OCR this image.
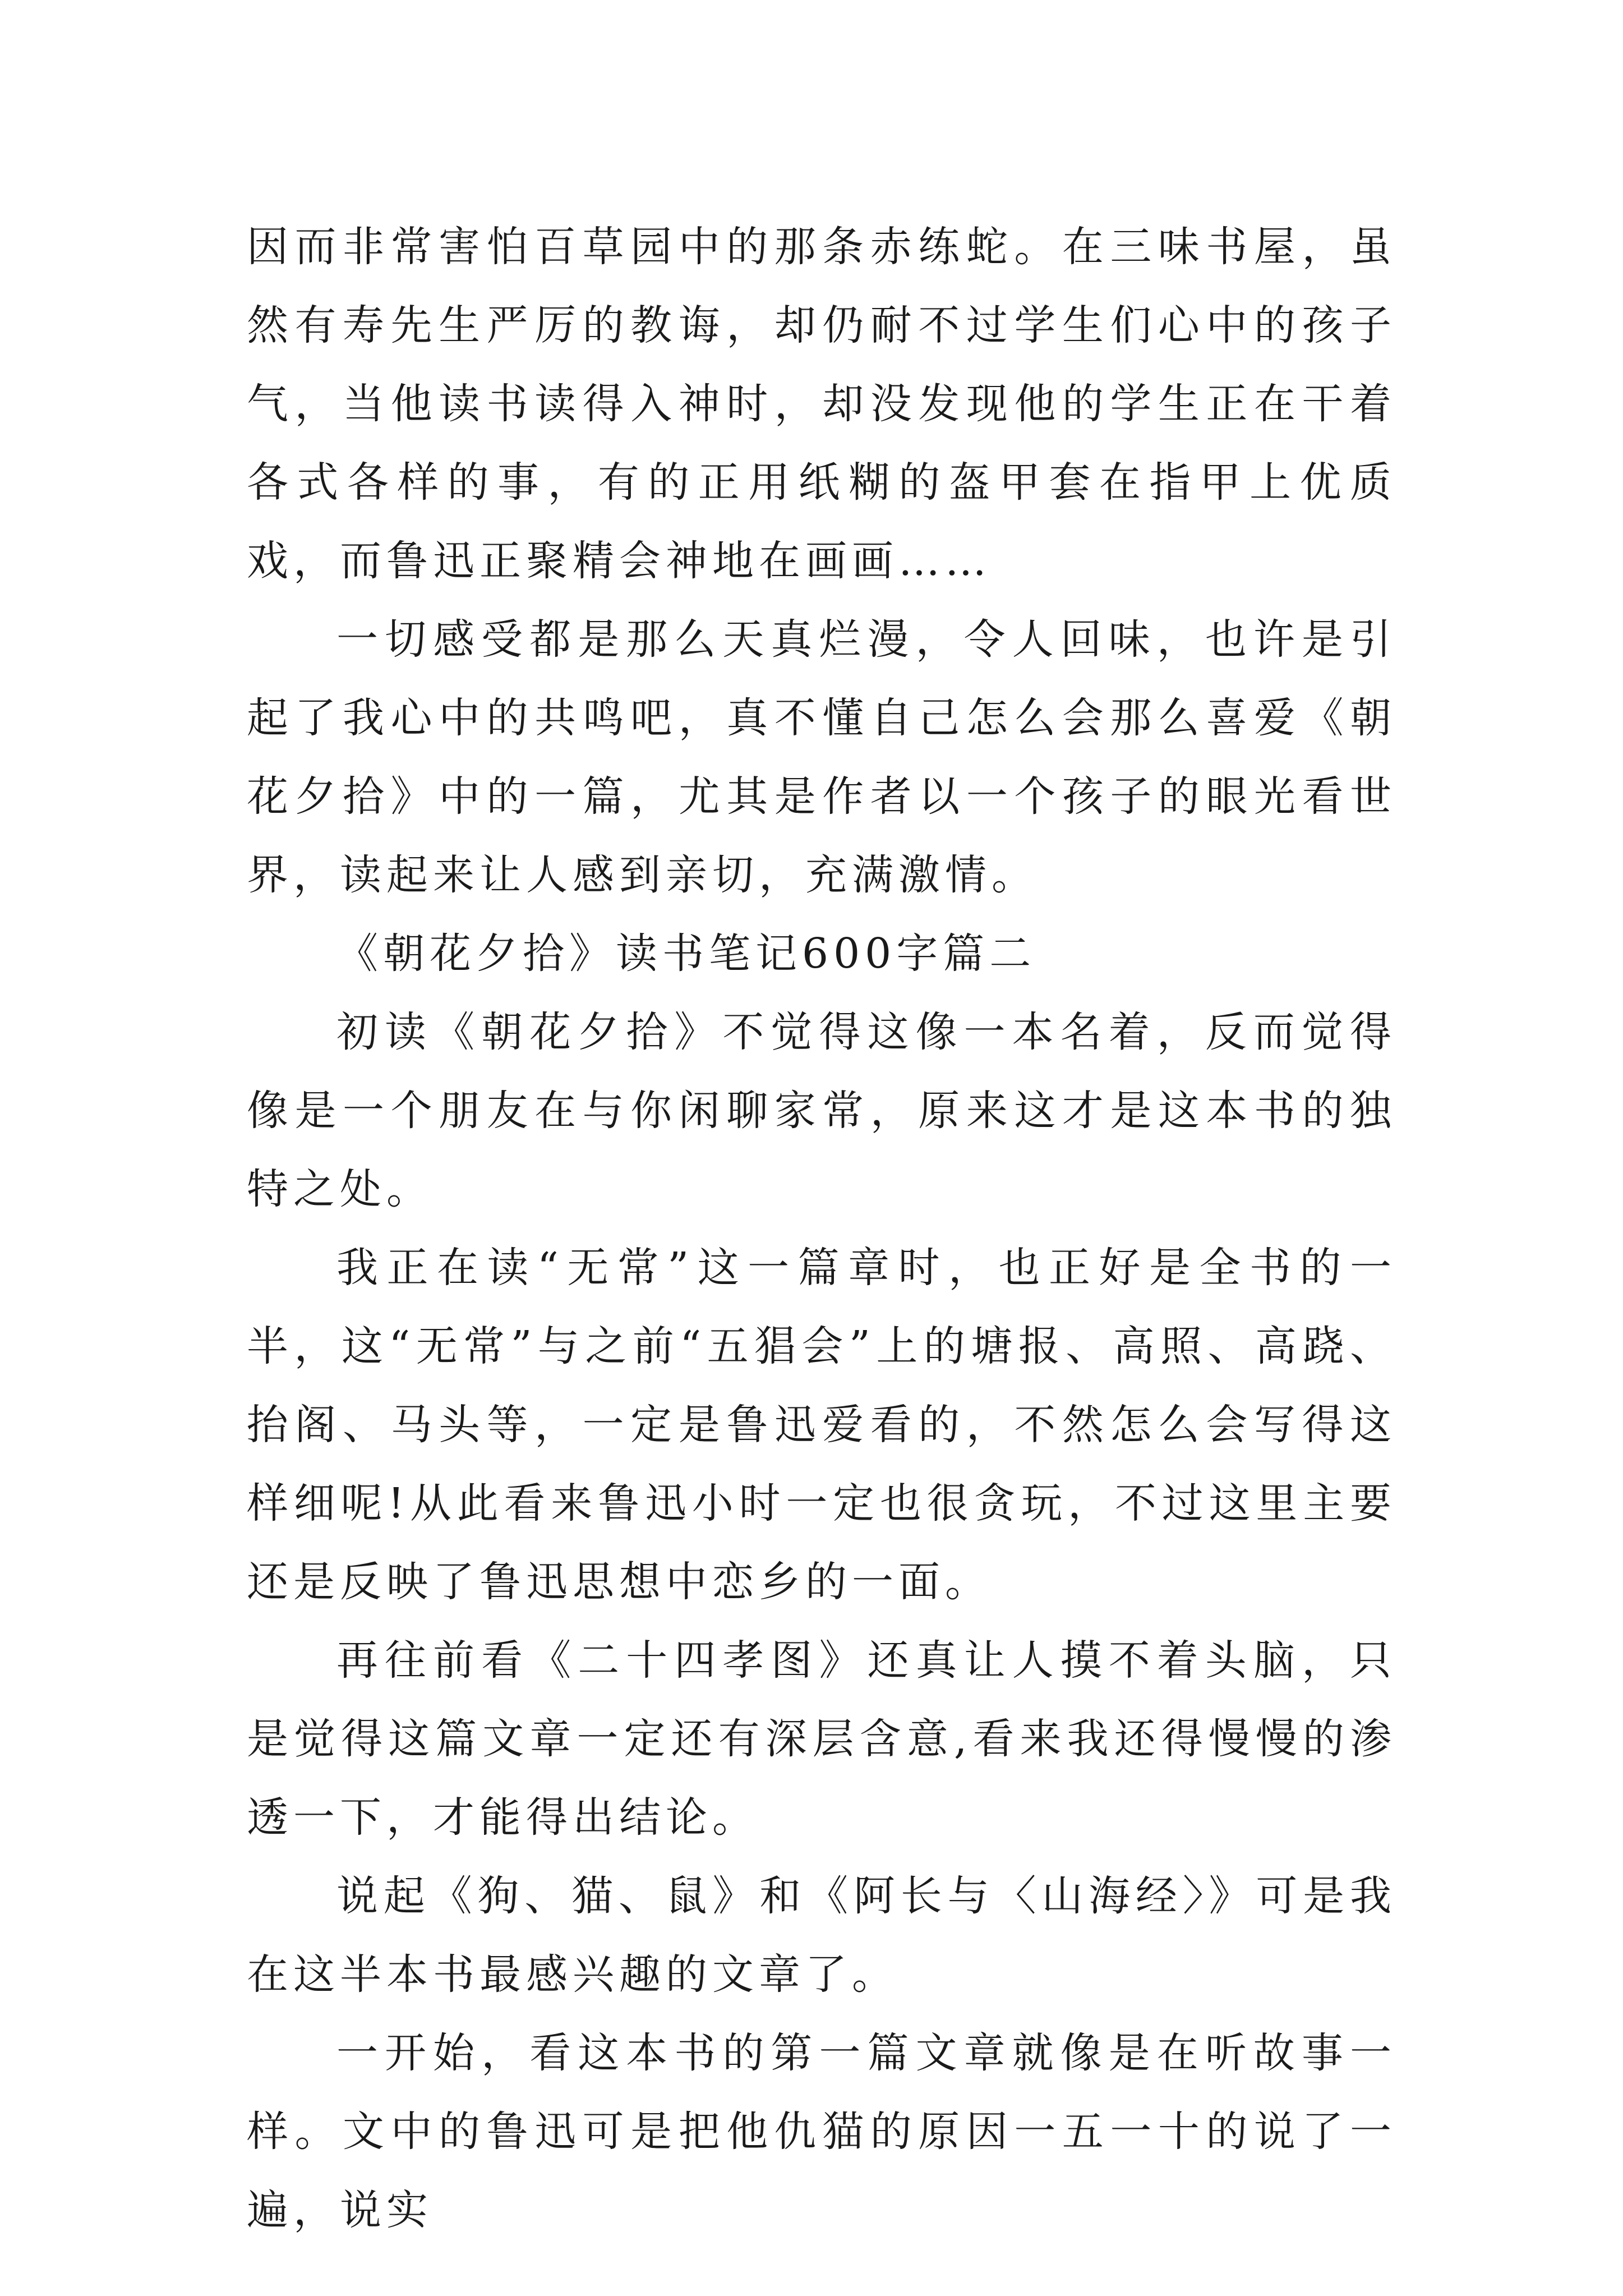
因而非常害怕百草园中的那条赤练蛇。在三味书屋，虽然有寿先生严厉的教诲，却仍耐不过学生们心中的孩子气，当他读书读得入神时，却没发现他的学生正在干着各式各样的事，有的正用纸糊的盔甲套在指甲上优质戏，而鲁迅正聚精会神地在画画……

一切感受都是那么天真烂漫，令人回味，也许是引起了我心中的共鸣吧，真不懂自己怎么会那么喜爱《朝花夕拾》中的一篇，尤其是作者以一个孩子的眼光看世界，读起来让人感到亲切，充满激情。

《朝花夕拾》读书笔记600字篇二

初读《朝花夕拾》不觉得这像一本名着，反而觉得像是一个朋友在与你闲聊家常，原来这才是这本书的独特之处。

我正在读“无常”这一篇章时，也正好是全书的一半，这“无常”与之前“五猖会”上的塘报、高照、高跷、抬阁、马头等，一定是鲁迅爱看的，不然怎么会写得这样细呢!从此看来鲁迅小时一定也很贪玩，不过这里主要还是反映了鲁迅思想中恋乡的一面。

再往前看《二十四孝图》还真让人摸不着头脑，只是觉得这篇文章一定还有深层含意,看来我还得慢慢的渗透一下，才能得出结论。

说起《狗、猫、鼠》和《阿长与〈山海经〉》可是我在这半本书最感兴趣的文章了。

一开始，看这本书的第一篇文章就像是在听故事一样。文中的鲁迅可是把他仇猫的原因一五一十的说了一遍，说实
